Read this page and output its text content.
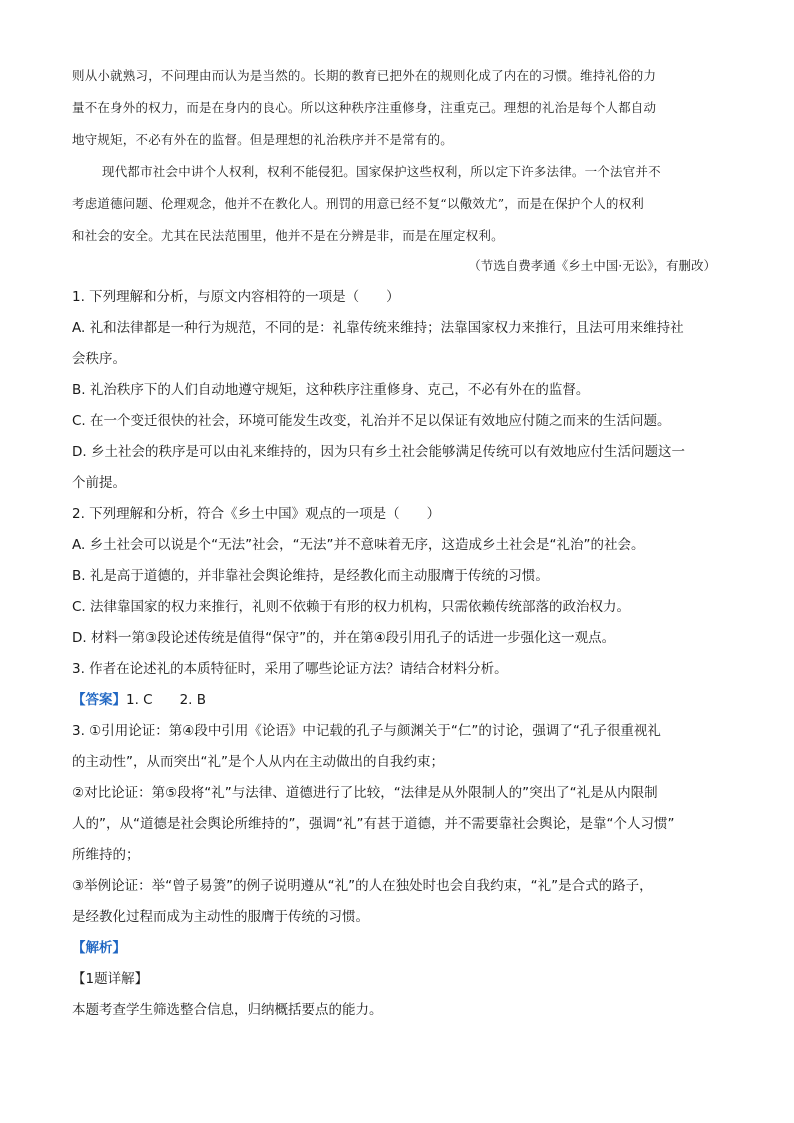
则从小就熟习，不问理由而认为是当然的。长期的教育已把外在的规则化成了内在的习惯。维持礼俗的力
量不在身外的权力，而是在身内的良心。所以这种秩序注重修身，注重克己。理想的礼治是每个人都自动
地守规矩，不必有外在的监督。但是理想的礼治秩序并不是常有的。
现代都市社会中讲个人权利，权利不能侵犯。国家保护这些权利，所以定下许多法律。一个法官并不
考虑道德问题、伦理观念，他并不在教化人。刑罚的用意已经不复“以儆效尤”，而是在保护个人的权利
和社会的安全。尤其在民法范围里，他并不是在分辨是非，而是在厘定权利。
（节选自费孝通《乡土中国·无讼》，有删改）
1. 下列理解和分析，与原文内容相符的一项是（　　）
A. 礼和法律都是一种行为规范，不同的是：礼靠传统来维持；法靠国家权力来推行，且法可用来维持社
会秩序。
B. 礼治秩序下的人们自动地遵守规矩，这种秩序注重修身、克己，不必有外在的监督。
C. 在一个变迁很快的社会，环境可能发生改变，礼治并不足以保证有效地应付随之而来的生活问题。
D. 乡土社会的秩序是可以由礼来维持的，因为只有乡土社会能够满足传统可以有效地应付生活问题这一
个前提。
2. 下列理解和分析，符合《乡土中国》观点的一项是（　　）
A. 乡土社会可以说是个“无法”社会，“无法”并不意味着无序，这造成乡土社会是“礼治”的社会。
B. 礼是高于道德的，并非靠社会舆论维持，是经教化而主动服膺于传统的习惯。
C. 法律靠国家的权力来推行，礼则不依赖于有形的权力机构，只需依赖传统部落的政治权力。
D. 材料一第③段论述传统是值得“保守”的，并在第④段引用孔子的话进一步强化这一观点。
3. 作者在论述礼的本质特征时，采用了哪些论证方法？请结合材料分析。
【答案】1. C　　2. B
3. ①引用论证：第④段中引用《论语》中记载的孔子与颜渊关于“仁”的讨论，强调了“孔子很重视礼
的主动性”，从而突出“礼”是个人从内在主动做出的自我约束；
②对比论证：第⑤段将“礼”与法律、道德进行了比较，“法律是从外限制人的”突出了“礼是从内限制
人的”，从“道德是社会舆论所维持的”，强调“礼”有甚于道德，并不需要靠社会舆论，是靠“个人习惯”
所维持的；
③举例论证：举“曾子易箦”的例子说明遵从“礼”的人在独处时也会自我约束，“礼”是合式的路子，
是经教化过程而成为主动性的服膺于传统的习惯。
【解析】
【1题详解】
本题考查学生筛选整合信息，归纳概括要点的能力。
